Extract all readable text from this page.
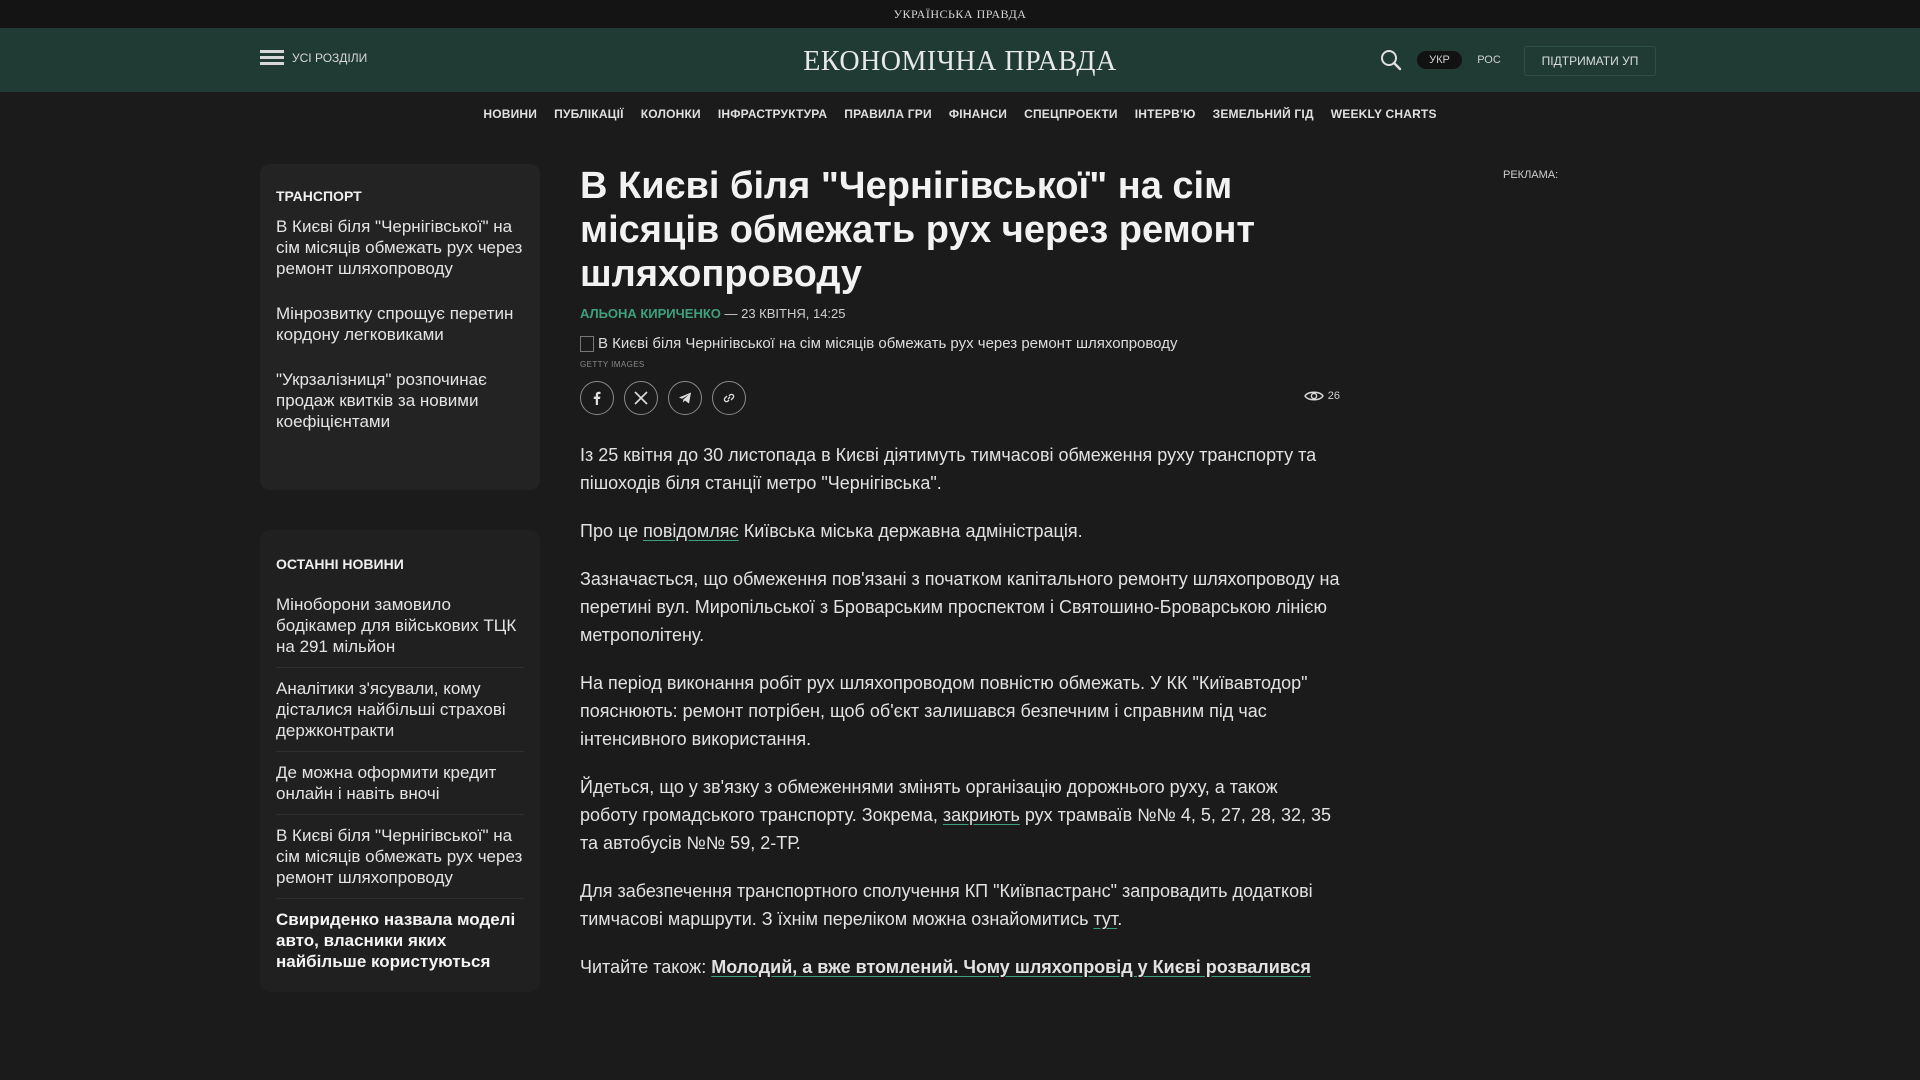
УКРАЇНСЬКА ПРАВДА
УСІ РОЗДІЛИ	ЕКОНОМІЧНА ПРАВДА	УКР	РОС	ПІДТРИМАТИ УП
НОВИНИ ПУБЛІКАЦІЇ КОЛОНКИ ІНФРАСТРУКТУРА ПРАВИЛА ГРИ ФІНАНСИ СПЕЦПРОЕКТИ ІНТЕРВ'Ю ЗЕМЕЛЬНИЙ ГІД WEEKLY CHARTS
ТРАНСПОРТ
В Києві біля "Чернігівської" на сім місяців обмежать рух через ремонт шляхопроводу
Мінрозвитку спрощує перетин кордону легковиками
"Укрзалізниця" розпочинає продаж квитків за новими коефіцієнтами
ОСТАННІ НОВИНИ
Міноборони замовило бодікамер для військових ТЦК на 291 мільйон
Аналітики з'ясували, кому дісталися найбільші страхові держконтракти
Де можна оформити кредит онлайн і навіть вночі
В Києві біля "Чернігівської" на сім місяців обмежать рух через ремонт шляхопроводу
Свириденко назвала моделі авто, власники яких найбільше користуються
В Києві біля "Чернігівської" на сім місяців обмежать рух через ремонт шляхопроводу
АЛЬОНА КИРИЧЕНКО — 23 КВІТНЯ, 14:25
В Києві біля Чернігівської на сім місяців обмежать рух через ремонт шляхопроводу
GETTY IMAGES
26

Із 25 квітня до 30 листопада в Києві діятимуть тимчасові обмеження руху транспорту та пішоходів біля станції метро "Чернігівська".

Про це повідомляє Київська міська державна адміністрація.

Зазначається, що обмеження пов'язані з початком капітального ремонту шляхопроводу на перетині вул. Миропільської з Броварським проспектом і Святошино-Броварською лінією метрополітену.

На період виконання робіт рух шляхопроводом повністю обмежать. У КК "Київавтодор" пояснюють: ремонт потрібен, щоб об'єкт залишався безпечним і справним під час інтенсивного використання.

Йдеться, що у зв'язку з обмеженнями змінять організацію дорожнього руху, а також роботу громадського транспорту. Зокрема, закриють рух трамваїв №№ 4, 5, 27, 28, 32, 35 та автобусів №№ 59, 2-ТР.

Для забезпечення транспортного сполучення КП "Київпастранс" запровадить додаткові тимчасові маршрути. З їхнім переліком можна ознайомитись тут.

Читайте також: Молодий, а вже втомлений. Чому шляхопровід у Києві розвалився

РЕКЛАМА:
